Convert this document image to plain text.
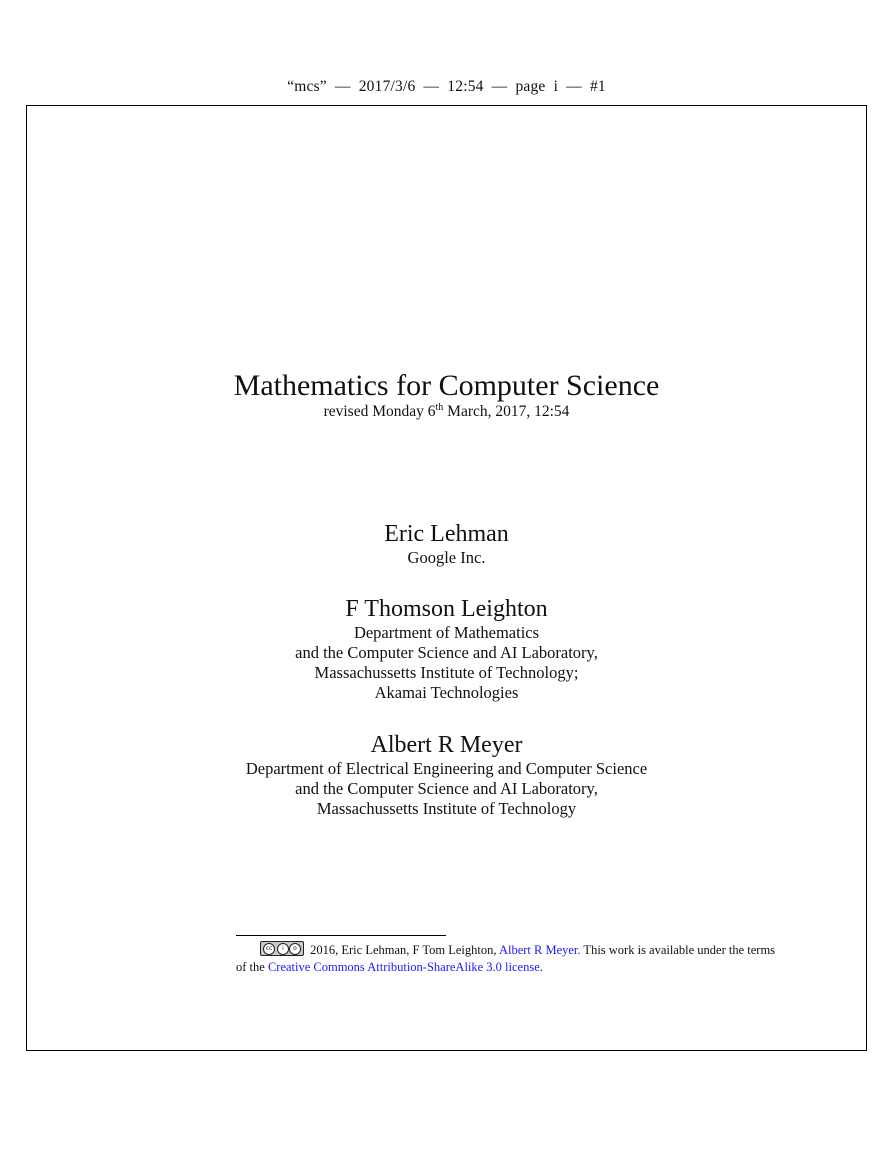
“mcs” — 2017/3/6 — 12:54 — page i — #1
Mathematics for Computer Science
revised Monday 6th March, 2017, 12:54
Eric Lehman
Google Inc.
F Thomson Leighton
Department of Mathematics
and the Computer Science and AI Laboratory,
Massachussetts Institute of Technology;
Akamai Technologies
Albert R Meyer
Department of Electrical Engineering and Computer Science
and the Computer Science and AI Laboratory,
Massachussetts Institute of Technology
cc	i	o 2016, Eric Lehman, F Tom Leighton, Albert R Meyer. This work is available under the terms of the Creative Commons Attribution-ShareAlike 3.0 license.
